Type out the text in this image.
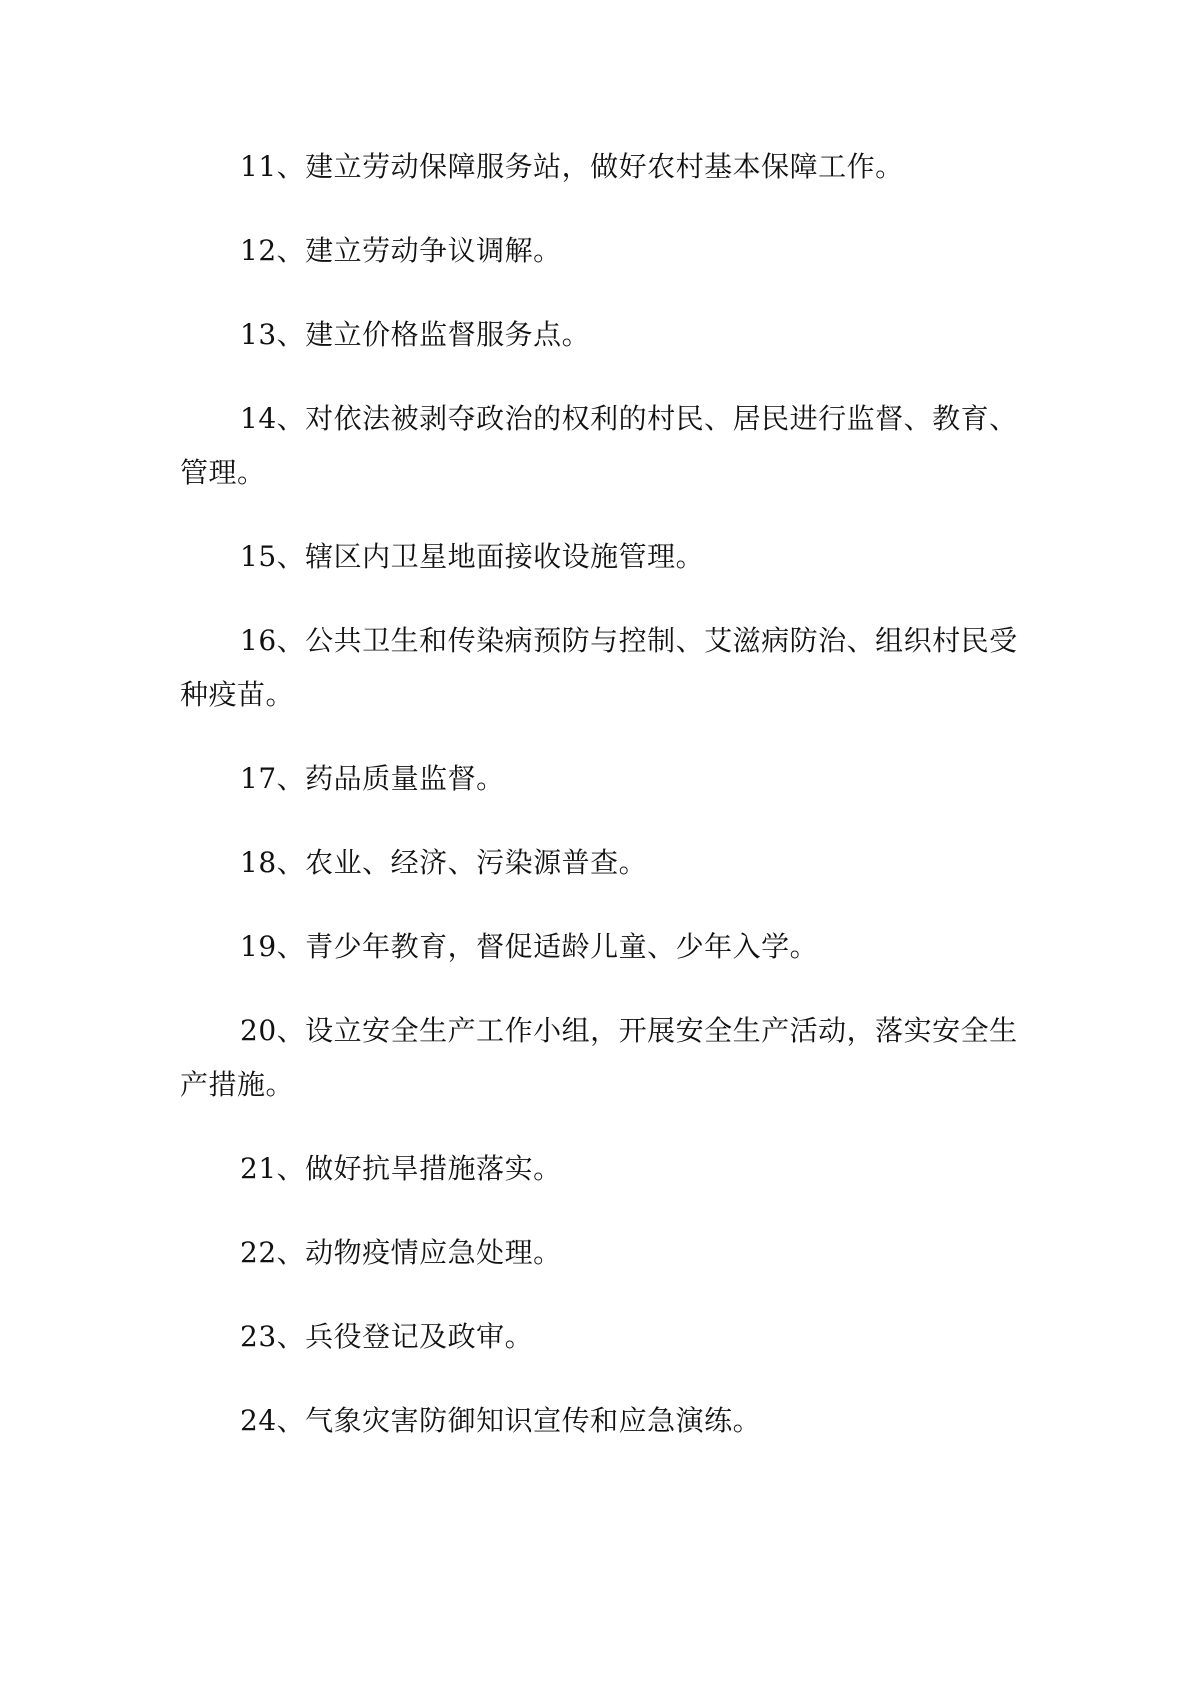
11、建立劳动保障服务站，做好农村基本保障工作。

12、建立劳动争议调解。

13、建立价格监督服务点。

14、对依法被剥夺政治的权利的村民、居民进行监督、教育、管理。

15、辖区内卫星地面接收设施管理。

16、公共卫生和传染病预防与控制、艾滋病防治、组织村民受种疫苗。

17、药品质量监督。

18、农业、经济、污染源普查。

19、青少年教育，督促适龄儿童、少年入学。

20、设立安全生产工作小组，开展安全生产活动，落实安全生产措施。

21、做好抗旱措施落实。

22、动物疫情应急处理。

23、兵役登记及政审。

24、气象灾害防御知识宣传和应急演练。
